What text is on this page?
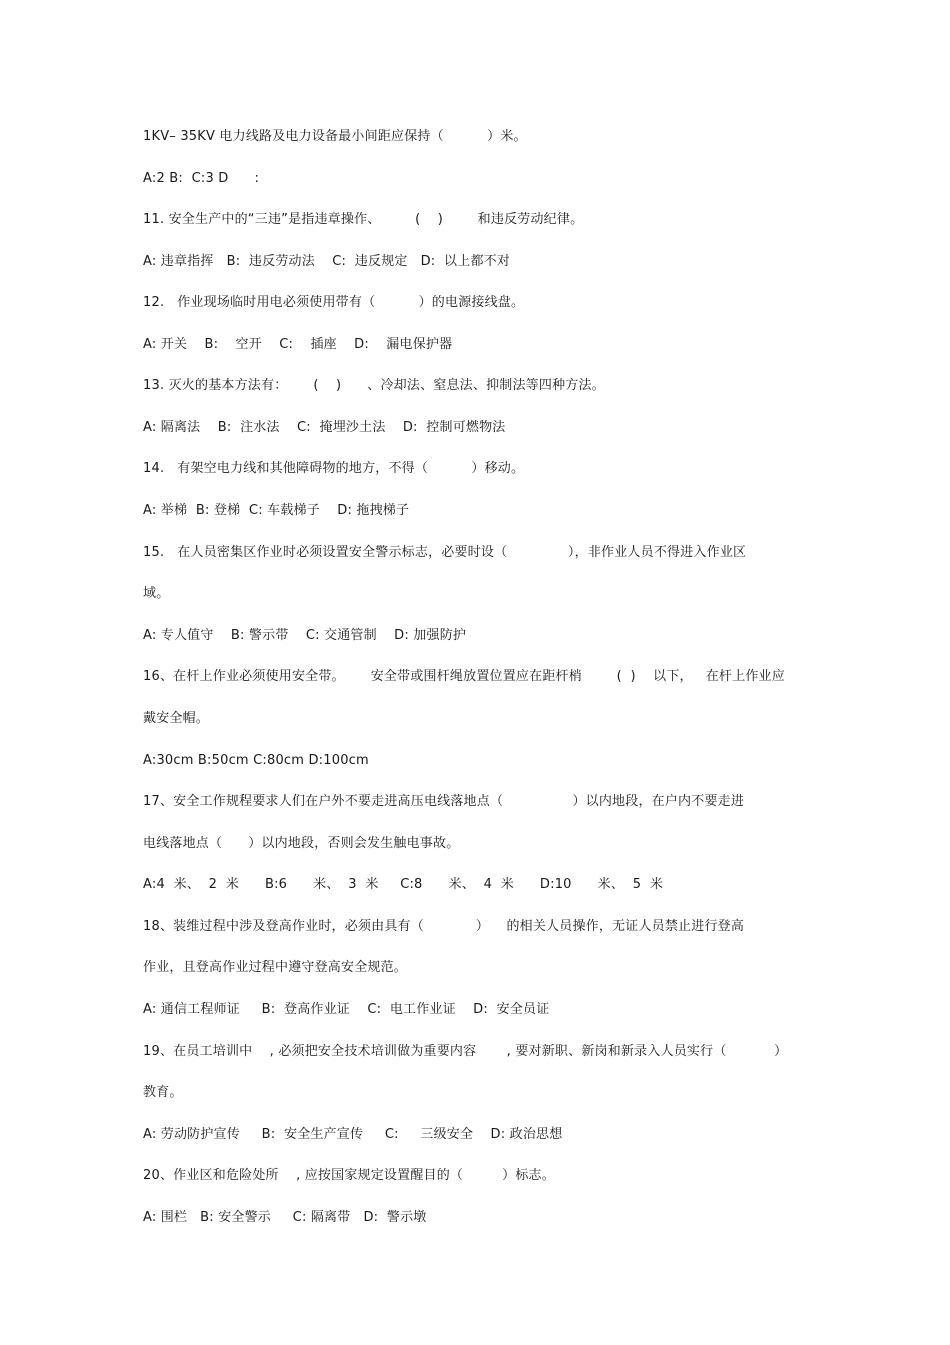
1KV– 35KV 电力线路及电力设备最小间距应保持（          ）米。
A:2 B:  C:3 D      :
11. 安全生产中的“三违”是指违章操作、        (    )        和违反劳动纪律。
A: 违章指挥   B:  违反劳动法    C:  违反规定   D:  以上都不对
12.   作业现场临时用电必须使用带有（          ）的电源接线盘。
A: 开关    B:    空开    C:    插座    D:    漏电保护器
13. 灭火的基本方法有：      (    )      、冷却法、窒息法、抑制法等四种方法。
A: 隔离法    B:  注水法    C:  掩埋沙土法    D:  控制可燃物法
14.   有架空电力线和其他障碍物的地方，不得（          ）移动。
A: 举梯  B: 登梯  C: 车载梯子    D: 拖拽梯子
15.   在人员密集区作业时必须设置安全警示标志，必要时设（              ），非作业人员不得进入作业区
域。
A: 专人值守    B: 警示带    C: 交通管制    D: 加强防护
16、在杆上作业必须使用安全带。      安全带或围杆绳放置位置应在距杆梢        (  )    以下，   在杆上作业应
戴安全帽。
A:30cm B:50cm C:80cm D:100cm
17、安全工作规程要求人们在户外不要走进高压电线落地点（                ）以内地段，在户内不要走进
电线落地点（      ）以内地段，否则会发生触电事故。
A:4  米、  2  米      B:6      米、  3  米     C:8      米、  4  米      D:10      米、  5  米
18、装维过程中涉及登高作业时，必须由具有（            ）    的相关人员操作，无证人员禁止进行登高
作业，且登高作业过程中遵守登高安全规范。
A: 通信工程师证     B:  登高作业证    C:  电工作业证    D:  安全员证
19、在员工培训中    , 必须把安全技术培训做为重要内容       , 要对新职、新岗和新录入人员实行（           ）
教育。
A: 劳动防护宣传     B:  安全生产宣传     C:     三级安全    D: 政治思想
20、作业区和危险处所    , 应按国家规定设置醒目的（         ）标志。
A: 围栏   B: 安全警示     C: 隔离带   D:  警示墩
